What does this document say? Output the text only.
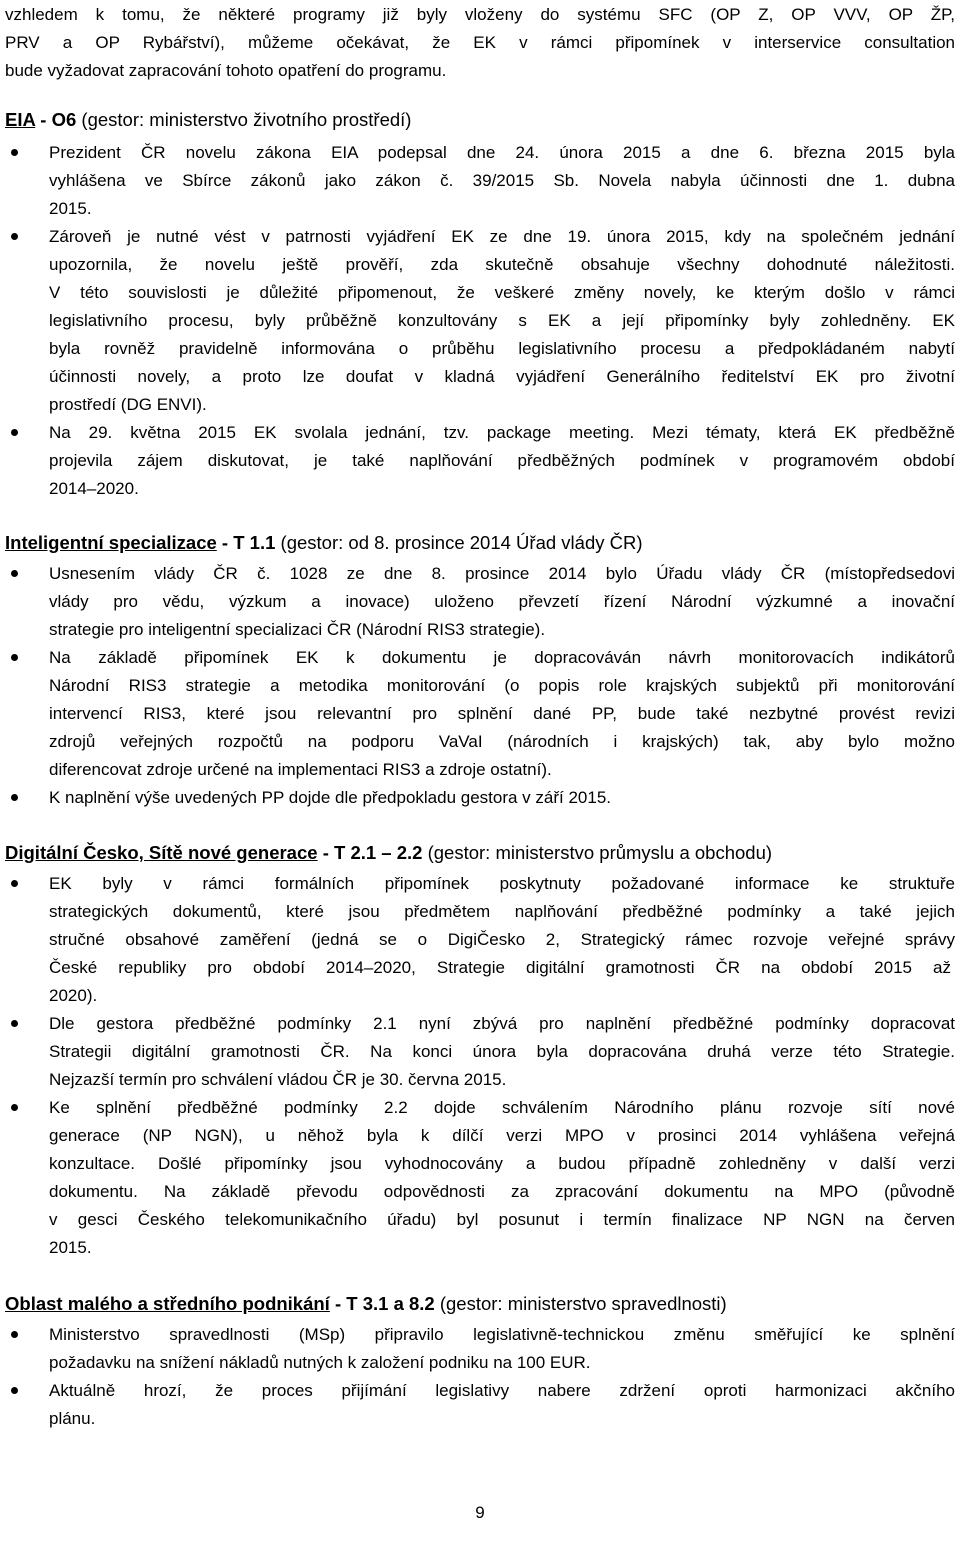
vzhledem k tomu, že některé programy již byly vloženy do systému SFC (OP Z, OP VVV, OP ŽP,
PRV a OP Rybářství), můžeme očekávat, že EK v rámci připomínek v interservice consultation
bude vyžadovat zapracování tohoto opatření do programu.
EIA - O6 (gestor: ministerstvo životního prostředí)
Prezident ČR novelu zákona EIA podepsal dne 24. února 2015 a dne 6. března 2015 byla
vyhlášena ve Sbírce zákonů jako zákon č. 39/2015 Sb. Novela nabyla účinnosti dne 1. dubna
2015.
Zároveň je nutné vést v patrnosti vyjádření EK ze dne 19. února 2015, kdy na společném jednání
upozornila, že novelu ještě prověří, zda skutečně obsahuje všechny dohodnuté náležitosti.
V této souvislosti je důležité připomenout, že veškeré změny novely, ke kterým došlo v rámci
legislativního procesu, byly průběžně konzultovány s EK a její připomínky byly zohledněny. EK
byla rovněž pravidelně informována o průběhu legislativního procesu a předpokládaném nabytí
účinnosti novely, a proto lze doufat v kladná vyjádření Generálního ředitelství EK pro životní
prostředí (DG ENVI).
Na 29. května 2015 EK svolala jednání, tzv. package meeting. Mezi tématy, která EK předběžně
projevila zájem diskutovat, je také naplňování předběžných podmínek v programovém období
2014–2020.
Inteligentní specializace - T 1.1 (gestor: od 8. prosince 2014 Úřad vlády ČR)
Usnesením vlády ČR č. 1028 ze dne 8. prosince 2014 bylo Úřadu vlády ČR (místopředsedovi
vlády pro vědu, výzkum a inovace) uloženo převzetí řízení Národní výzkumné a inovační
strategie pro inteligentní specializaci ČR (Národní RIS3 strategie).
Na základě připomínek EK k dokumentu je dopracováván návrh monitorovacích indikátorů
Národní RIS3 strategie a metodika monitorování (o popis role krajských subjektů při monitorování
intervencí RIS3, které jsou relevantní pro splnění dané PP, bude také nezbytné provést revizi
zdrojů veřejných rozpočtů na podporu VaVaI (národních i krajských) tak, aby bylo možno
diferencovat zdroje určené na implementaci RIS3 a zdroje ostatní).
K naplnění výše uvedených PP dojde dle předpokladu gestora v září 2015.
Digitální Česko, Sítě nové generace - T 2.1 – 2.2 (gestor: ministerstvo průmyslu a obchodu)
EK byly v rámci formálních připomínek poskytnuty požadované informace ke struktuře
strategických dokumentů, které jsou předmětem naplňování předběžné podmínky a také jejich
stručné obsahové zaměření (jedná se o DigiČesko 2, Strategický rámec rozvoje veřejné správy
České republiky pro období 2014–2020, Strategie digitální gramotnosti ČR na období 2015 až
2020).
Dle gestora předběžné podmínky 2.1 nyní zbývá pro naplnění předběžné podmínky dopracovat
Strategii digitální gramotnosti ČR. Na konci února byla dopracována druhá verze této Strategie.
Nejzazší termín pro schválení vládou ČR je 30. června 2015.
Ke splnění předběžné podmínky 2.2 dojde schválením Národního plánu rozvoje sítí nové
generace (NP NGN), u něhož byla k dílčí verzi MPO v prosinci 2014 vyhlášena veřejná
konzultace. Došlé připomínky jsou vyhodnocovány a budou případně zohledněny v další verzi
dokumentu. Na základě převodu odpovědnosti za zpracování dokumentu na MPO (původně
v gesci Českého telekomunikačního úřadu) byl posunut i termín finalizace NP NGN na červen
2015.
Oblast malého a středního podnikání - T 3.1 a 8.2 (gestor: ministerstvo spravedlnosti)
Ministerstvo spravedlnosti (MSp) připravilo legislativně-technickou změnu směřující ke splnění
požadavku na snížení nákladů nutných k založení podniku na 100 EUR.
Aktuálně hrozí, že proces přijímání legislativy nabere zdržení oproti harmonizaci akčního
plánu.
9
